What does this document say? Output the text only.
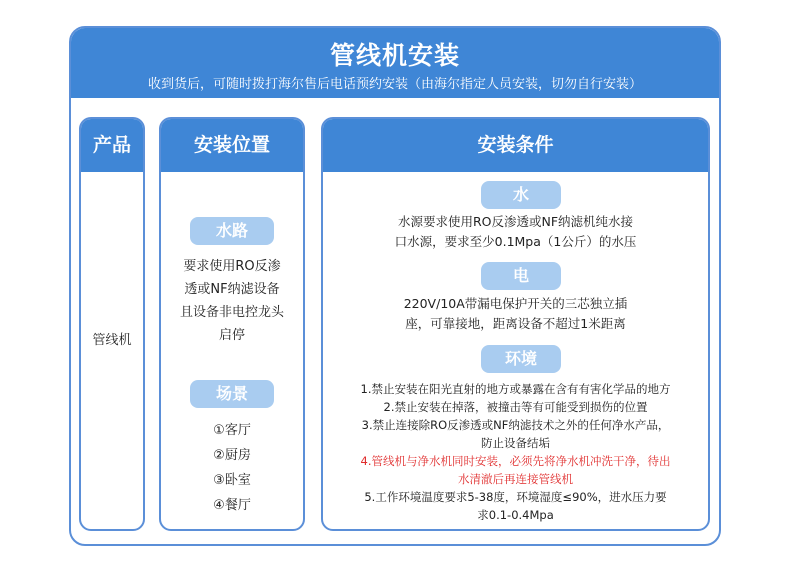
管线机安装
收到货后，可随时拨打海尔售后电话预约安装（由海尔指定人员安装，切勿自行安装）
产品
管线机
安装位置
水路
要求使用RO反渗
透或NF纳滤设备
且设备非电控龙头
启停
场景
①客厅
②厨房
③卧室
④餐厅
安装条件
水
水源要求使用RO反渗透或NF纳滤机纯水接
口水源，要求至少0.1Mpa（1公斤）的水压
电
220V/10A带漏电保护开关的三芯独立插
座，可靠接地，距离设备不超过1米距离
环境
1.禁止安装在阳光直射的地方或暴露在含有有害化学品的地方
2.禁止安装在掉落，被撞击等有可能受到损伤的位置
3.禁止连接除RO反渗透或NF纳滤技术之外的任何净水产品，
防止设备结垢
4.管线机与净水机同时安装，必须先将净水机冲洗干净，待出
水清澈后再连接管线机
5.工作环境温度要求5-38度，环境湿度≤90%，进水压力要
求0.1-0.4Mpa
